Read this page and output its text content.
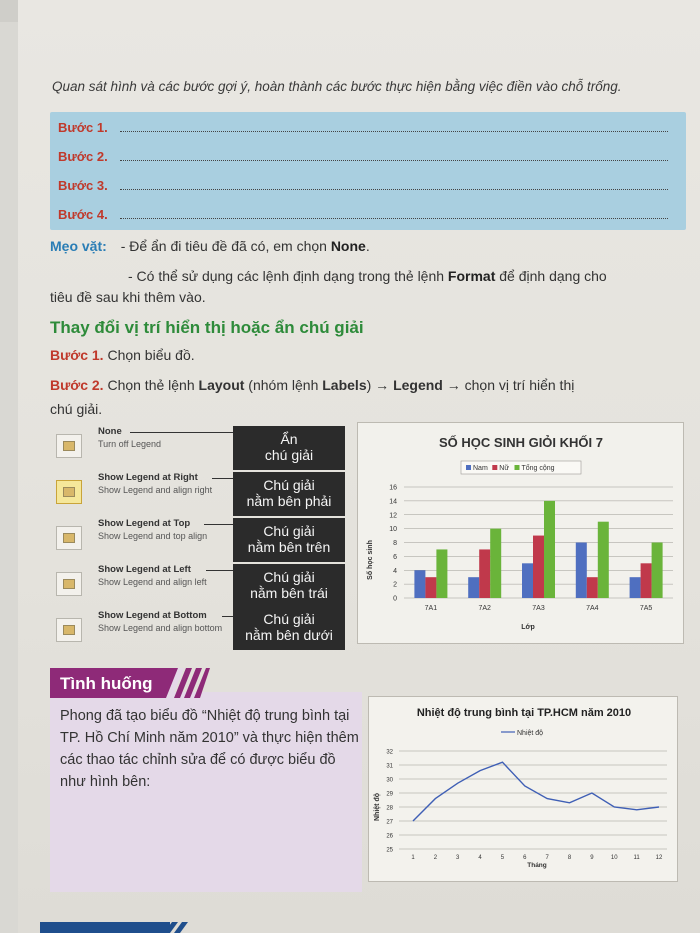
Quan sát hình và các bước gợi ý, hoàn thành các bước thực hiện bằng việc điền vào chỗ trống.
Bước 1.
Bước 2.
Bước 3.
Bước 4.
Mẹo vặt: - Để ẩn đi tiêu đề đã có, em chọn None.
- Có thể sử dụng các lệnh định dạng trong thẻ lệnh Format để định dạng cho
tiêu đề sau khi thêm vào.
Thay đổi vị trí hiển thị hoặc ẩn chú giải
Bước 1. Chọn biểu đồ.
Bước 2. Chọn thẻ lệnh Layout (nhóm lệnh Labels) → Legend → chọn vị trí hiển thị
chú giải.
None
Turn off Legend	Ẩn
chú giải
Show Legend at Right
Show Legend and align right	Chú giải
nằm bên phải
Show Legend at Top
Show Legend and top align	Chú giải
nằm bên trên
Show Legend at Left
Show Legend and align left	Chú giải
nằm bên trái
Show Legend at Bottom
Show Legend and align bottom
Chú giải
nằm bên dưới
SỐ HỌC SINH GIỎI KHỐI 7
Nam Nữ Tổng cộng
0
2
4
6
8
10
12
14
16
7A1	7A2	7A3	7A4	7A5
Số học sinh
Lớp
Tình huống
Phong đã tạo biểu đồ “Nhiệt độ trung bình tại TP. Hồ Chí Minh năm 2010” và thực hiện thêm các thao tác chỉnh sửa để có được biểu đồ như hình bên:
Nhiệt độ trung bình tại TP.HCM năm 2010
Nhiệt độ
25
26
27
28
29
30
31
32
1	2	3	4	5	6	7	8	9	10	11	12
Nhiệt độ
Tháng
